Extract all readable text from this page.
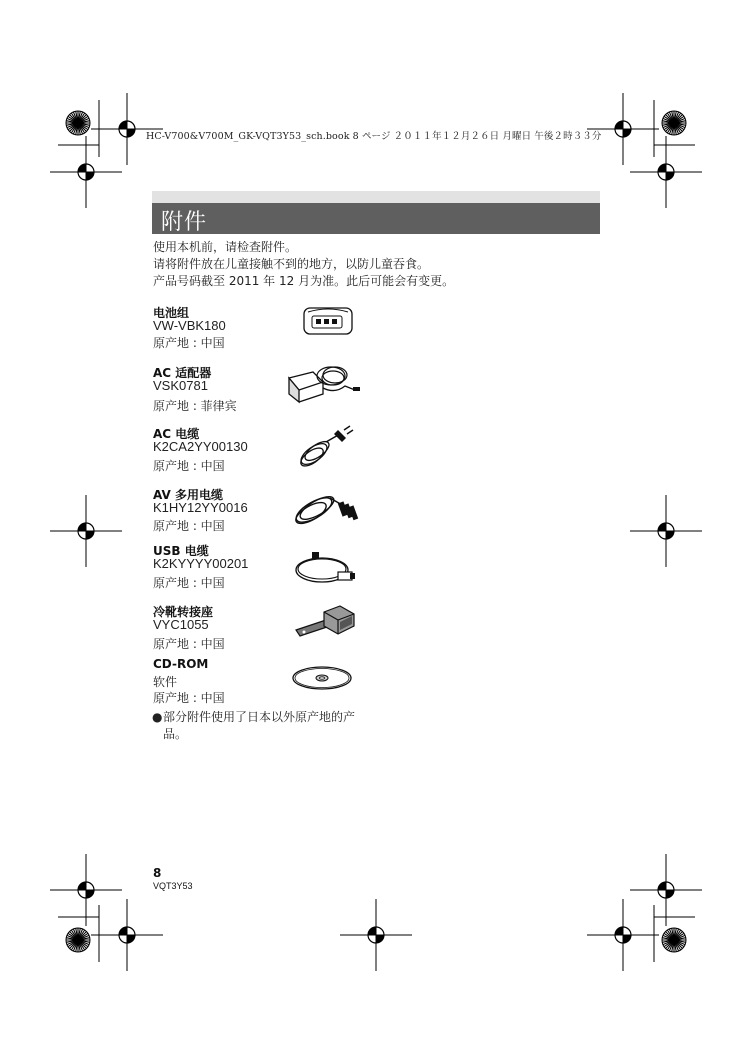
HC-V700&V700M_GK-VQT3Y53_sch.book 8 ページ ２０１１年１２月２６日 月曜日 午後２時３３分
附件
使用本机前，请检查附件。
请将附件放在儿童接触不到的地方，以防儿童吞食。
产品号码截至 2011 年 12 月为准。此后可能会有变更。
电池组
VW-VBK180
原产地 : 中国
AC 适配器
VSK0781
原产地 : 菲律宾
AC 电缆
K2CA2YY00130
原产地 : 中国
AV 多用电缆
K1HY12YY0016
原产地 : 中国
USB 电缆
K2KYYYY00201
原产地 : 中国
冷靴转接座
VYC1055
原产地 : 中国
CD-ROM
软件
原产地 : 中国
● 部分附件使用了日本以外原产地的产品。
8
VQT3Y53
